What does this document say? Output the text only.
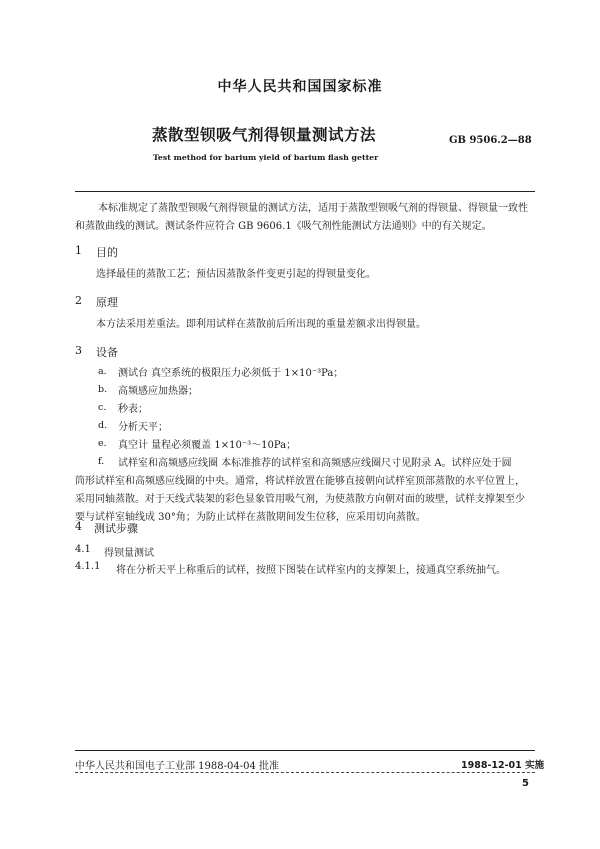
中华人民共和国国家标准
蒸散型钡吸气剂得钡量测试方法	GB 9506.2—88
Test method for barium yield of barium flash getter
本标准规定了蒸散型钡吸气剂得钡量的测试方法，适用于蒸散型钡吸气剂的得钡量、得钡量一致性
和蒸散曲线的测试。测试条件应符合 GB 9606.1《吸气剂性能测试方法通则》中的有关规定。
1 目的
选择最佳的蒸散工艺；预估因蒸散条件变更引起的得钡量变化。
2 原理
本方法采用差重法。即利用试样在蒸散前后所出现的重量差额求出得钡量。
3 设备
a. 测试台 真空系统的极限压力必须低于 1×10⁻³Pa；
b. 高频感应加热器；
c. 秒表；
d. 分析天平；
e. 真空计 量程必须覆盖 1×10⁻³～10Pa；
f. 试样室和高频感应线圈 本标准推荐的试样室和高频感应线圈尺寸见附录 A。试样应处于圆
筒形试样室和高频感应线圈的中央。通常，将试样放置在能够直接朝向试样室顶部蒸散的水平位置上，
采用同轴蒸散。对于天线式装架的彩色显象管用吸气剂，为使蒸散方向朝对面的玻壁，试样支撑架至少
要与试样室轴线成 30°角；为防止试样在蒸散期间发生位移，应采用切向蒸散。
4 测试步骤
4.1 得钡量测试
4.1.1 将在分析天平上称重后的试样，按照下图装在试样室内的支撑架上，接通真空系统抽气。
中华人民共和国电子工业部 1988-04-04 批准	1988-12-01 实施
5
